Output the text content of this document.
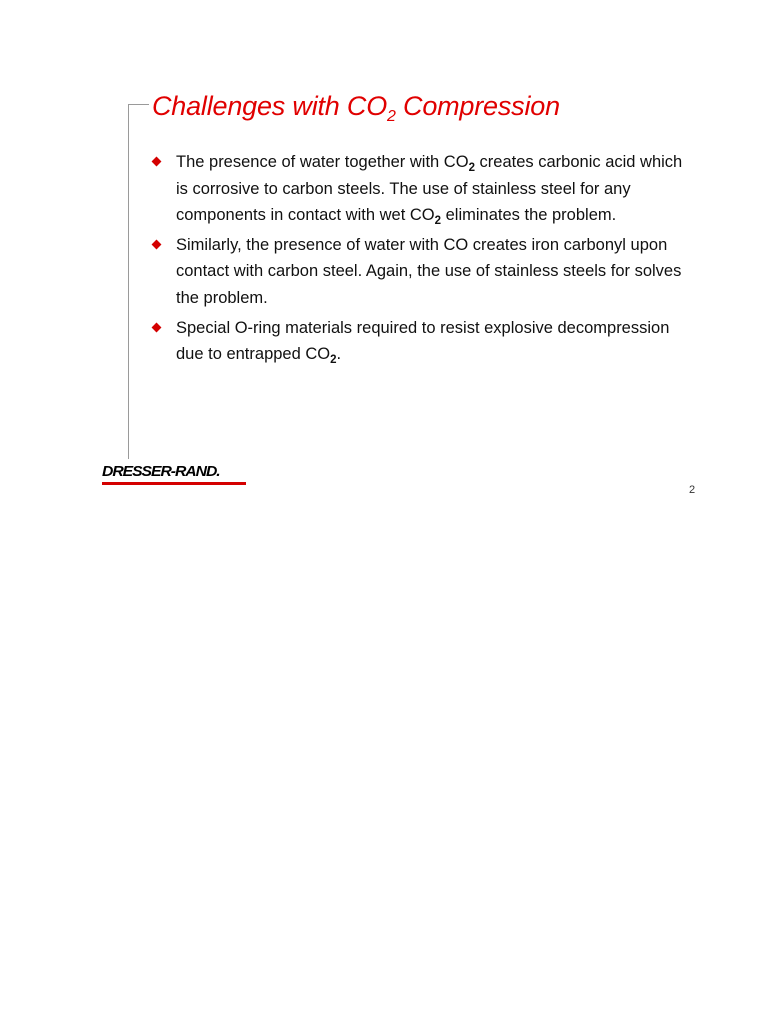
Challenges with $CO_2$ Compression
The presence of water together with $CO_2$ creates carbonic acid which is corrosive to carbon steels. The use of stainless steel for any components in contact with wet $CO_2$ eliminates the problem.
Similarly, the presence of water with CO creates iron carbonyl upon contact with carbon steel. Again, the use of stainless steels for solves the problem.
Special O-ring materials required to resist explosive decompression due to entrapped $CO_2$.
DRESSER-RAND.
2
